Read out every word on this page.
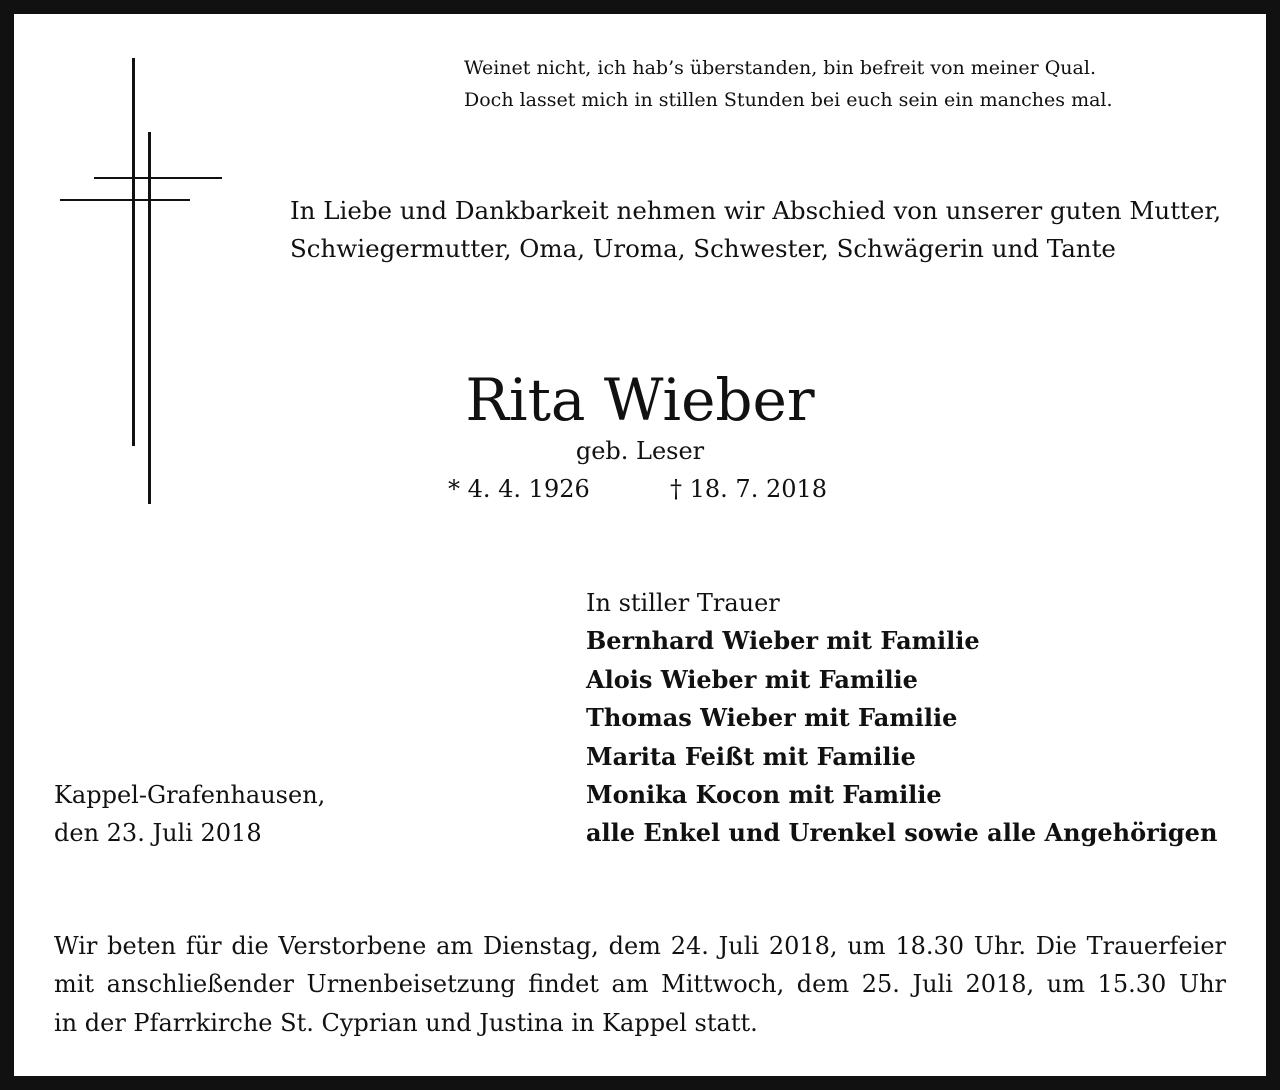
Weinet nicht, ich hab’s überstanden, bin befreit von meiner Qual.
Doch lasset mich in stillen Stunden bei euch sein ein manches mal.
In Liebe und Dankbarkeit nehmen wir Abschied von unserer guten Mutter,
Schwiegermutter, Oma, Uroma, Schwester, Schwägerin und Tante
Rita Wieber
geb. Leser
* 4. 4. 1926	† 18. 7. 2018
In stiller Trauer
Bernhard Wieber mit Familie
Alois Wieber mit Familie
Thomas Wieber mit Familie
Marita Feißt mit Familie
Monika Kocon mit Familie
alle Enkel und Urenkel sowie alle Angehörigen
Kappel-Grafenhausen,
den 23. Juli 2018
Wir beten für die Verstorbene am Dienstag, dem 24. Juli 2018, um 18.30 Uhr. Die Trauerfeier
mit anschließender Urnenbeisetzung findet am Mittwoch, dem 25. Juli 2018, um 15.30 Uhr
in der Pfarrkirche St. Cyprian und Justina in Kappel statt.
